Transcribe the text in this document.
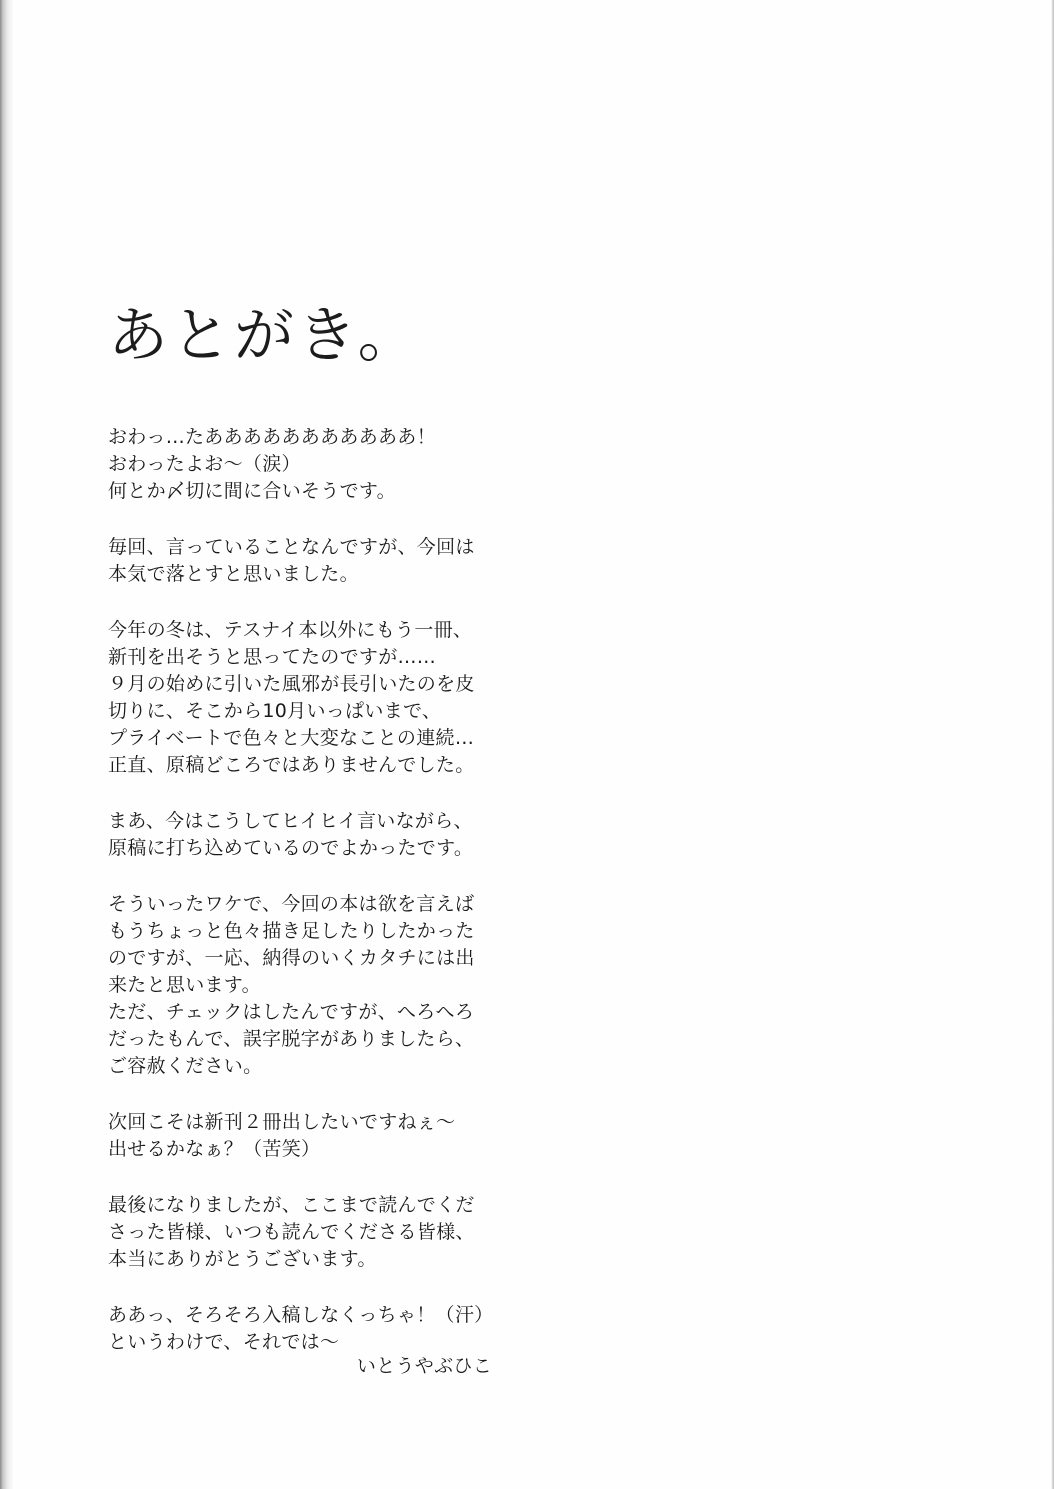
あとがき。
おわっ…たあああああああああああ！
おわったよお〜（涙）
何とか〆切に間に合いそうです。
毎回、言っていることなんですが、今回は
本気で落とすと思いました。
今年の冬は、テスナイ本以外にもう一冊、
新刊を出そうと思ってたのですが……
９月の始めに引いた風邪が長引いたのを皮
切りに、そこから10月いっぱいまで、
プライベートで色々と大変なことの連続…
正直、原稿どころではありませんでした。
まあ、今はこうしてヒイヒイ言いながら、
原稿に打ち込めているのでよかったです。
そういったワケで、今回の本は欲を言えば
もうちょっと色々描き足したりしたかった
のですが、一応、納得のいくカタチには出
来たと思います。
ただ、チェックはしたんですが、へろへろ
だったもんで、誤字脱字がありましたら、
ご容赦ください。
次回こそは新刊２冊出したいですねぇ〜
出せるかなぁ？（苦笑）
最後になりましたが、ここまで読んでくだ
さった皆様、いつも読んでくださる皆様、
本当にありがとうございます。
ああっ、そろそろ入稿しなくっちゃ！（汗）
というわけで、それでは〜
いとうやぶひこ
